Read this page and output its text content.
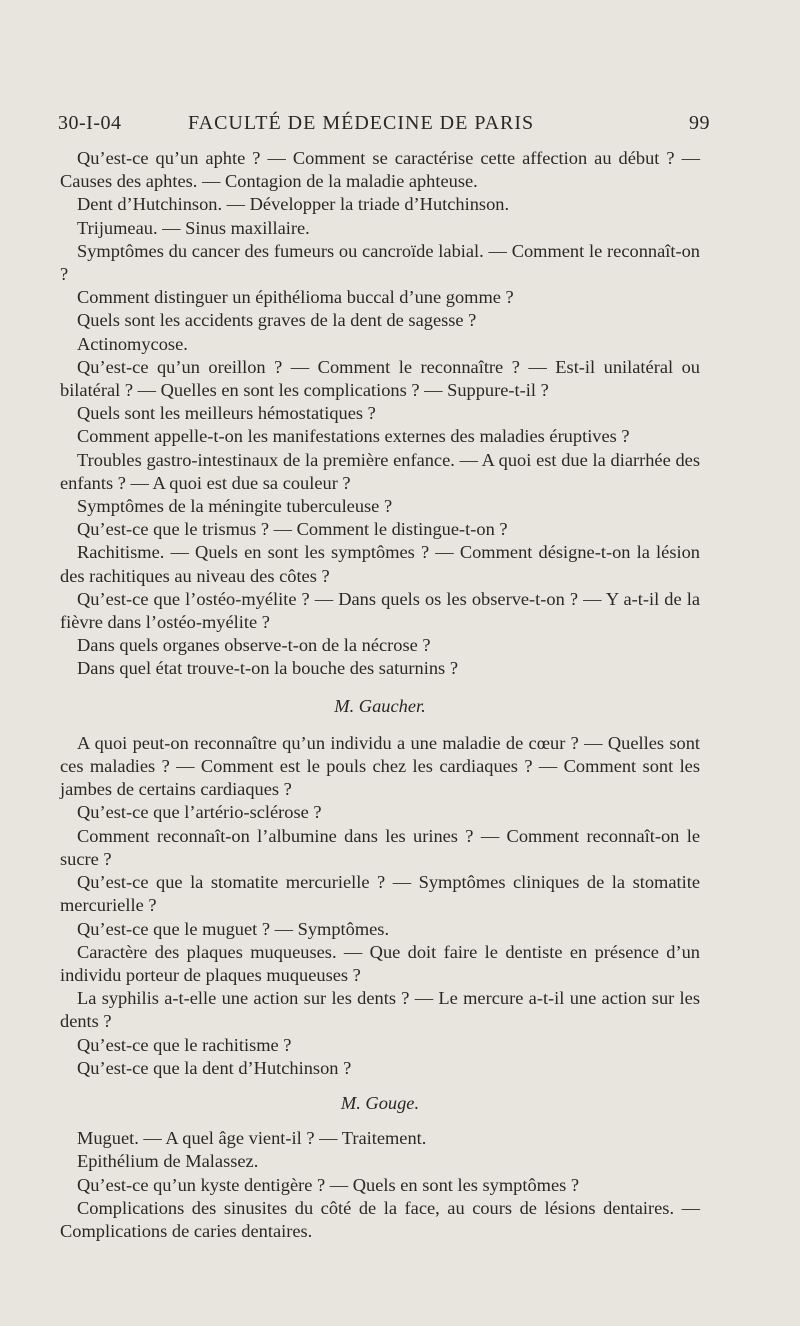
30-I-04	FACULTÉ DE MÉDECINE DE PARIS	99

Qu’est-ce qu’un aphte ? — Comment se caractérise cette affection au début ? — Causes des aphtes. — Contagion de la maladie aphteuse.

Dent d’Hutchinson. — Développer la triade d’Hutchinson.

Trijumeau. — Sinus maxillaire.

Symptômes du cancer des fumeurs ou cancroïde labial. — Comment le reconnaît-on ?

Comment distinguer un épithélioma buccal d’une gomme ?

Quels sont les accidents graves de la dent de sagesse ?

Actinomycose.

Qu’est-ce qu’un oreillon ? — Comment le reconnaître ? — Est-il unilatéral ou bilatéral ? — Quelles en sont les complications ? — Suppure-t-il ?

Quels sont les meilleurs hémostatiques ?

Comment appelle-t-on les manifestations externes des maladies éruptives ?

Troubles gastro-intestinaux de la première enfance. — A quoi est due la diarrhée des enfants ? — A quoi est due sa couleur ?

Symptômes de la méningite tuberculeuse ?

Qu’est-ce que le trismus ? — Comment le distingue-t-on ?

Rachitisme. — Quels en sont les symptômes ? — Comment désigne-t-on la lésion des rachitiques au niveau des côtes ?

Qu’est-ce que l’ostéo-myélite ? — Dans quels os les observe-t-on ? — Y a-t-il de la fièvre dans l’ostéo-myélite ?

Dans quels organes observe-t-on de la nécrose ?

Dans quel état trouve-t-on la bouche des saturnins ?

M. Gaucher.

A quoi peut-on reconnaître qu’un individu a une maladie de cœur ? — Quelles sont ces maladies ? — Comment est le pouls chez les cardiaques ? — Comment sont les jambes de certains cardiaques ?

Qu’est-ce que l’artério-sclérose ?

Comment reconnaît-on l’albumine dans les urines ? — Comment reconnaît-on le sucre ?

Qu’est-ce que la stomatite mercurielle ? — Symptômes cliniques de la stomatite mercurielle ?

Qu’est-ce que le muguet ? — Symptômes.

Caractère des plaques muqueuses. — Que doit faire le dentiste en présence d’un individu porteur de plaques muqueuses ?

La syphilis a-t-elle une action sur les dents ? — Le mercure a-t-il une action sur les dents ?

Qu’est-ce que le rachitisme ?

Qu’est-ce que la dent d’Hutchinson ?

M. Gouge.

Muguet. — A quel âge vient-il ? — Traitement.

Epithélium de Malassez.

Qu’est-ce qu’un kyste dentigère ? — Quels en sont les symptômes ?

Complications des sinusites du côté de la face, au cours de lésions dentaires. — Complications de caries dentaires.
